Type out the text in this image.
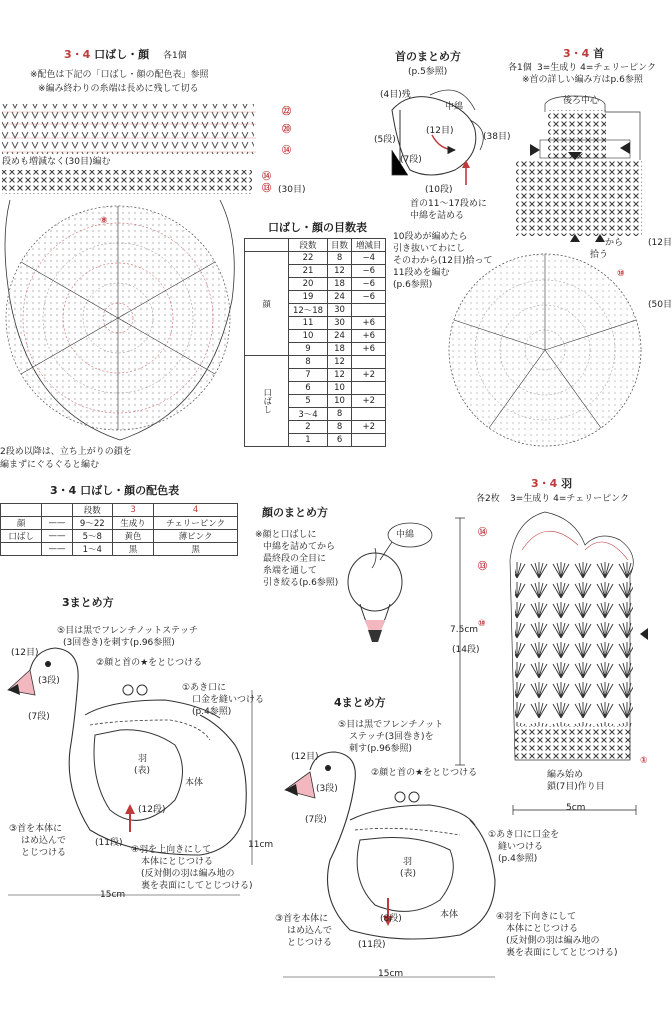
3・4 口ばし・顔 各1個
※配色は下記の「口ばし・顔の配色表」参照
※編み終わりの糸端は長めに残して切る
㉒
⑳
⑭
⑭
⑬ (30目)
段めも増減なく(30目)編む
⑧
2段め以降は、立ち上がりの鎖を
編まずにぐるぐると編む
口ばし・顔の目数表
	段数	目数	増減目
顔	22	8	−4
	21	12	−6
	20	18	−6
	19	24	−6
	12〜18	30	
	11	30	+6
	10	24	+6
	9	18	+6
口ばし	8	12	
	7	12	+2
	6	10	
	5	10	+2
	3〜4	8	
	2	8	+2
	1	6	
首のまとめ方
(p.5参照)
(4目)残
(5段)
(7段)
中綿
(12目)
(38目)
(10段)
首の11〜17段めに
中綿を詰める
10段めが編めたら
引き抜いてわにし
そのわから(12目)拾って
11段めを編む
(p.6参照)
3・4 首
各1個 3=生成り 4=チェリーピンク
※首の詳しい編み方はp.6参照
後ろ中心
から
拾う
(12目
(50目
⑩
3・4 口ばし・顔の配色表
		段数	3	4
顔	——	9〜22	生成り	チェリーピンク
口ばし	——	5〜8	黄色	薄ピンク
	——	1〜4	黒	黒
顔のまとめ方
中綿
※顔と口ばしに
中綿を詰めてから
最終段の全目に
糸端を通して
引き絞る(p.6参照)
3・4 羽
各2枚 3=生成り 4=チェリーピンク
⑭
⑬
⑩
①
7.5cm
(14段)
編み始め
鎖(7目)作り目
5cm
3まとめ方
⑤目は黒でフレンチノットステッチ
(3回巻き)を刺す(p.96参照)
②顔と首の★をとじつける
①あき口に
口金を縫いつける
(p.4参照)
(12目)
(3段)
(7段)
羽
(表)
本体
(12段)
(11段)
③首を本体に
はめ込んで
とじつける	④羽を上向きにして
本体にとじつける
(反対側の羽は編み地の
裏を表面にしてとじつける)
15cm
11cm
4まとめ方
⑤目は黒でフレンチノット
ステッチ(3回巻き)を
刺す(p.96参照)
②顔と首の★をとじつける
①あき口に口金を
縫いつける
(p.4参照)
(12目)
(3段)
(7段)
羽
(表)
本体
(8段)
(11段)
③首を本体に
はめ込んで
とじつける
④羽を下向きにして
本体にとじつける
(反対側の羽は編み地の
裏を表面にしてとじつける)
15cm
